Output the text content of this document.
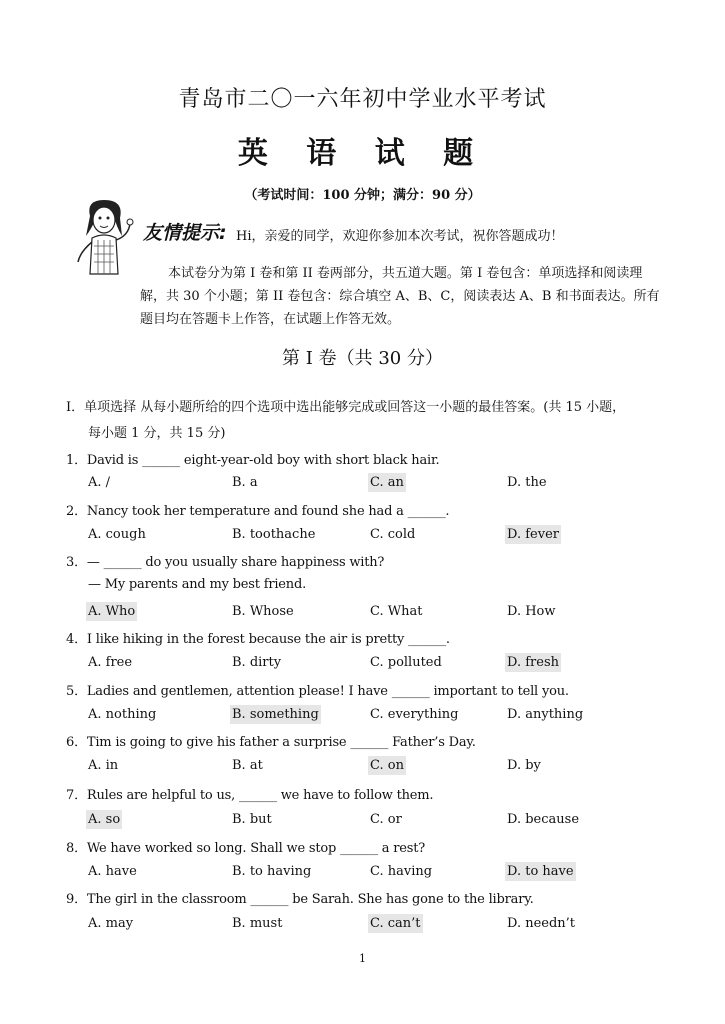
青岛市二〇一六年初中学业水平考试
英 语 试 题
（考试时间：100 分钟；满分：90 分）
友情提示: Hi，亲爱的同学，欢迎你参加本次考试，祝你答题成功！
本试卷分为第 I 卷和第 II 卷两部分，共五道大题。第 I 卷包含：单项选择和阅读理解，共 30 个小题；第 II 卷包含：综合填空 A、B、C，阅读表达 A、B 和书面表达。所有题目均在答题卡上作答，在试题上作答无效。
第 I 卷（共 30 分）
I．单项选择 从每小题所给的四个选项中选出能够完成或回答这一小题的最佳答案。(共 15 小题，
每小题 1 分，共 15 分)
1．David is ______ eight-year-old boy with short black hair.
A. /	B. a	C. an	D. the
2．Nancy took her temperature and found she had a ______.
A. cough	B. toothache	C. cold	D. fever
3．— ______ do you usually share happiness with?
— My parents and my best friend.
A. Who	B. Whose	C. What	D. How
4．I like hiking in the forest because the air is pretty ______.
A. free	B. dirty	C. polluted	D. fresh
5．Ladies and gentlemen, attention please! I have ______ important to tell you.
A. nothing	B. something	C. everything	D. anything
6．Tim is going to give his father a surprise ______ Father’s Day.
A. in	B. at	C. on	D. by
7．Rules are helpful to us, ______ we have to follow them.
A. so	B. but	C. or	D. because
8．We have worked so long. Shall we stop ______ a rest?
A. have	B. to having	C. having	D. to have
9．The girl in the classroom ______ be Sarah. She has gone to the library.
A. may	B. must	C. can’t	D. needn’t
1
